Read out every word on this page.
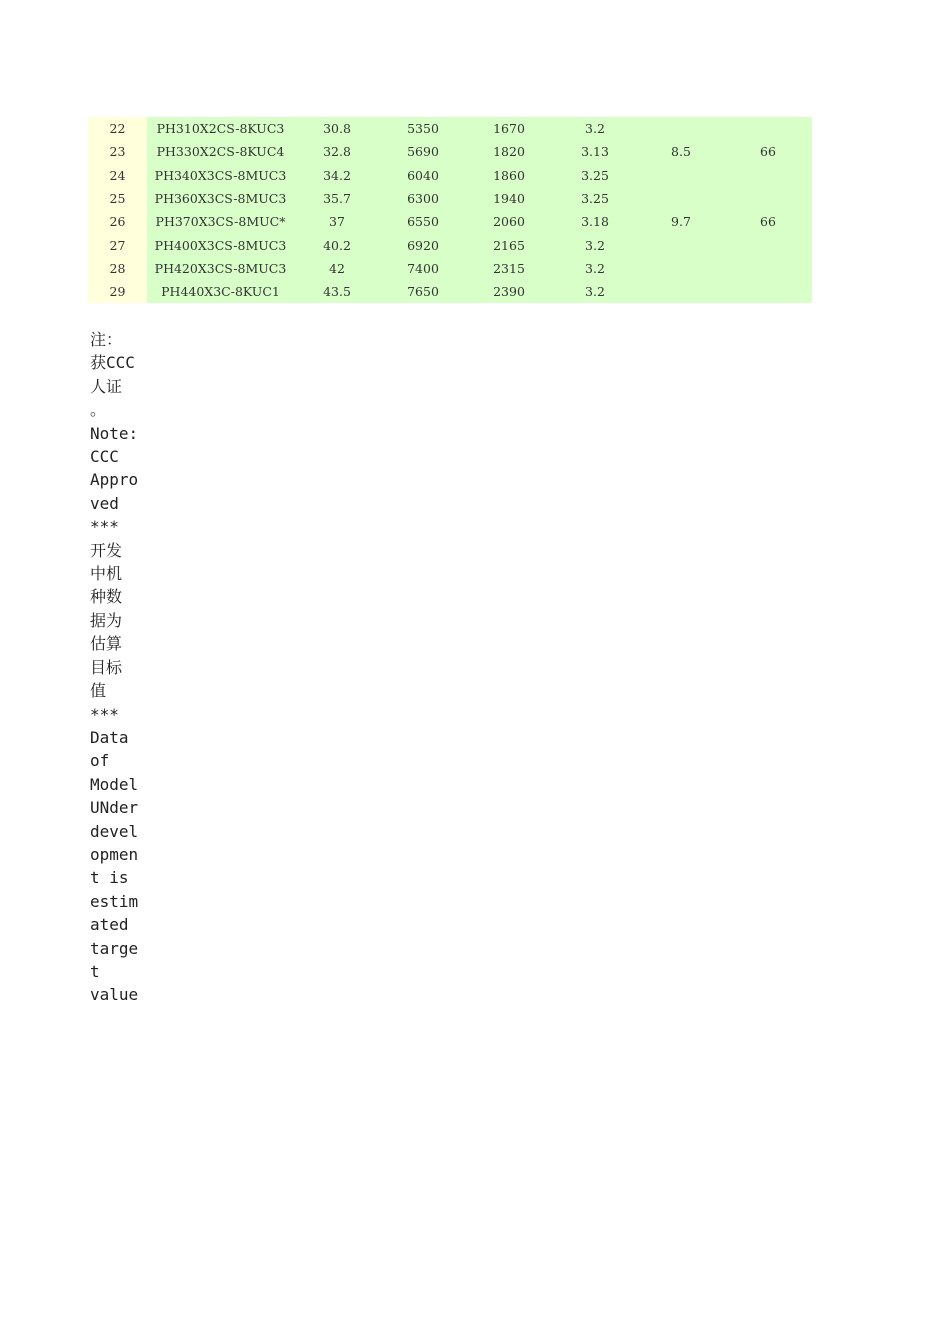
22	PH310X2CS-8KUC3	30.8	5350	1670	3.2		
23	PH330X2CS-8KUC4	32.8	5690	1820	3.13	8.5	66
24	PH340X3CS-8MUC3	34.2	6040	1860	3.25		
25	PH360X3CS-8MUC3	35.7	6300	1940	3.25		
26	PH370X3CS-8MUC*	37	6550	2060	3.18	9.7	66
27	PH400X3CS-8MUC3	40.2	6920	2165	3.2		
28	PH420X3CS-8MUC3	42	7400	2315	3.2		
29	PH440X3C-8KUC1	43.5	7650	2390	3.2		
注：
获CCC
人证
。
Note:
CCC
Appro
ved
***
开发
中机
种数
据为
估算
目标
值
***
Data
of
Model
UNder
devel
opmen
t is
estim
ated
targe
t
value
